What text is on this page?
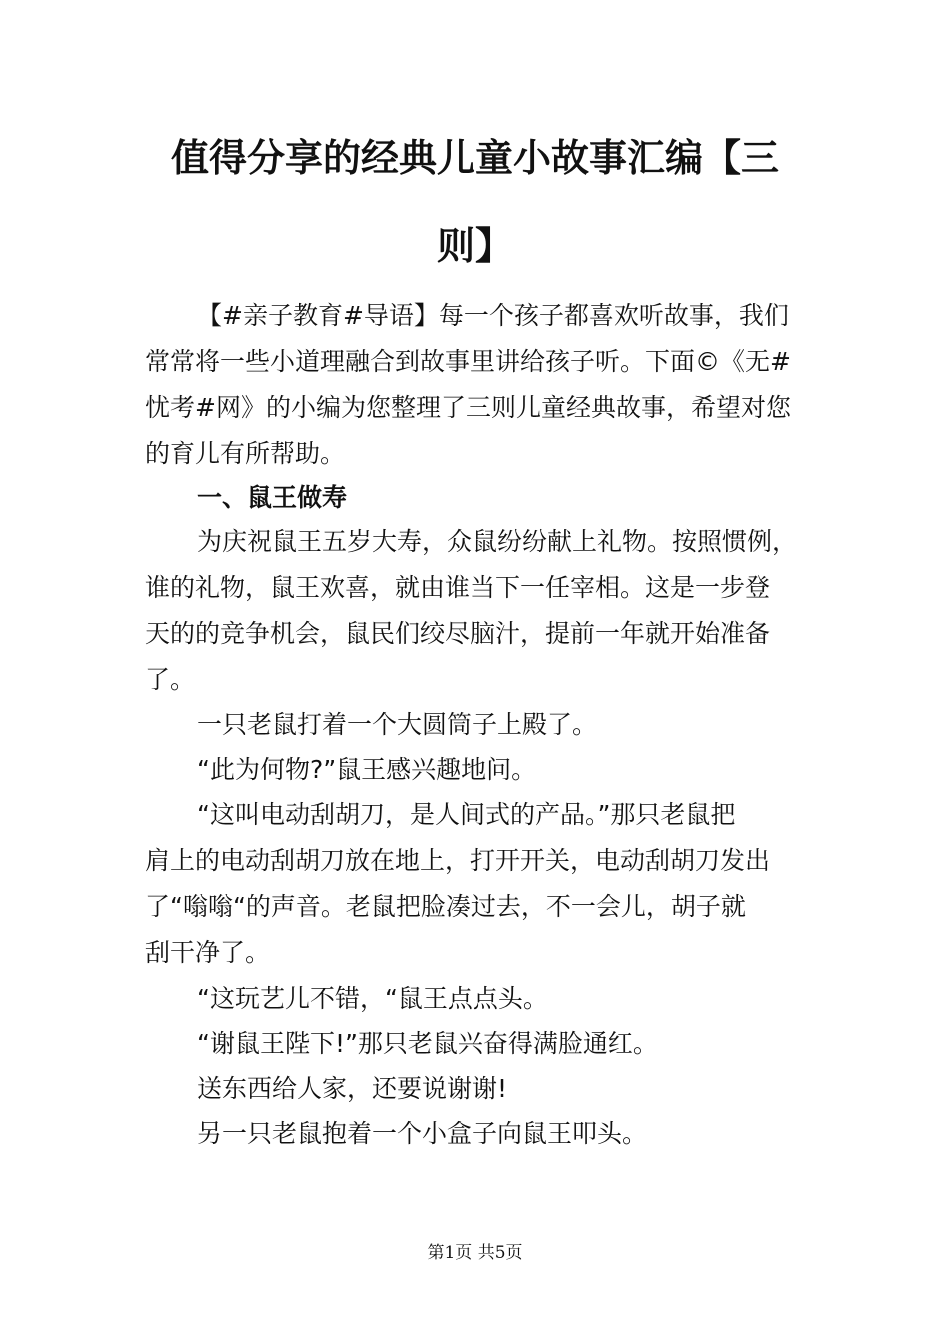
值得分享的经典儿童小故事汇编【三
则】

【#亲子教育#导语】每一个孩子都喜欢听故事，我们

常常将一些小道理融合到故事里讲给孩子听。下面©《无#

忧考#网》的小编为您整理了三则儿童经典故事，希望对您

的育儿有所帮助。

一、鼠王做寿

为庆祝鼠王五岁大寿，众鼠纷纷献上礼物。按照惯例，

谁的礼物，鼠王欢喜，就由谁当下一任宰相。这是一步登

天的的竞争机会，鼠民们绞尽脑汁，提前一年就开始准备

了。

一只老鼠打着一个大圆筒子上殿了。

“此为何物?”鼠王感兴趣地问。

“这叫电动刮胡刀，是人间式的产品。”那只老鼠把

肩上的电动刮胡刀放在地上，打开开关，电动刮胡刀发出

了“嗡嗡“的声音。老鼠把脸凑过去，不一会儿，胡子就

刮干净了。

“这玩艺儿不错，“鼠王点点头。

“谢鼠王陛下!”那只老鼠兴奋得满脸通红。

送东西给人家，还要说谢谢!

另一只老鼠抱着一个小盒子向鼠王叩头。

第1页 共5页
